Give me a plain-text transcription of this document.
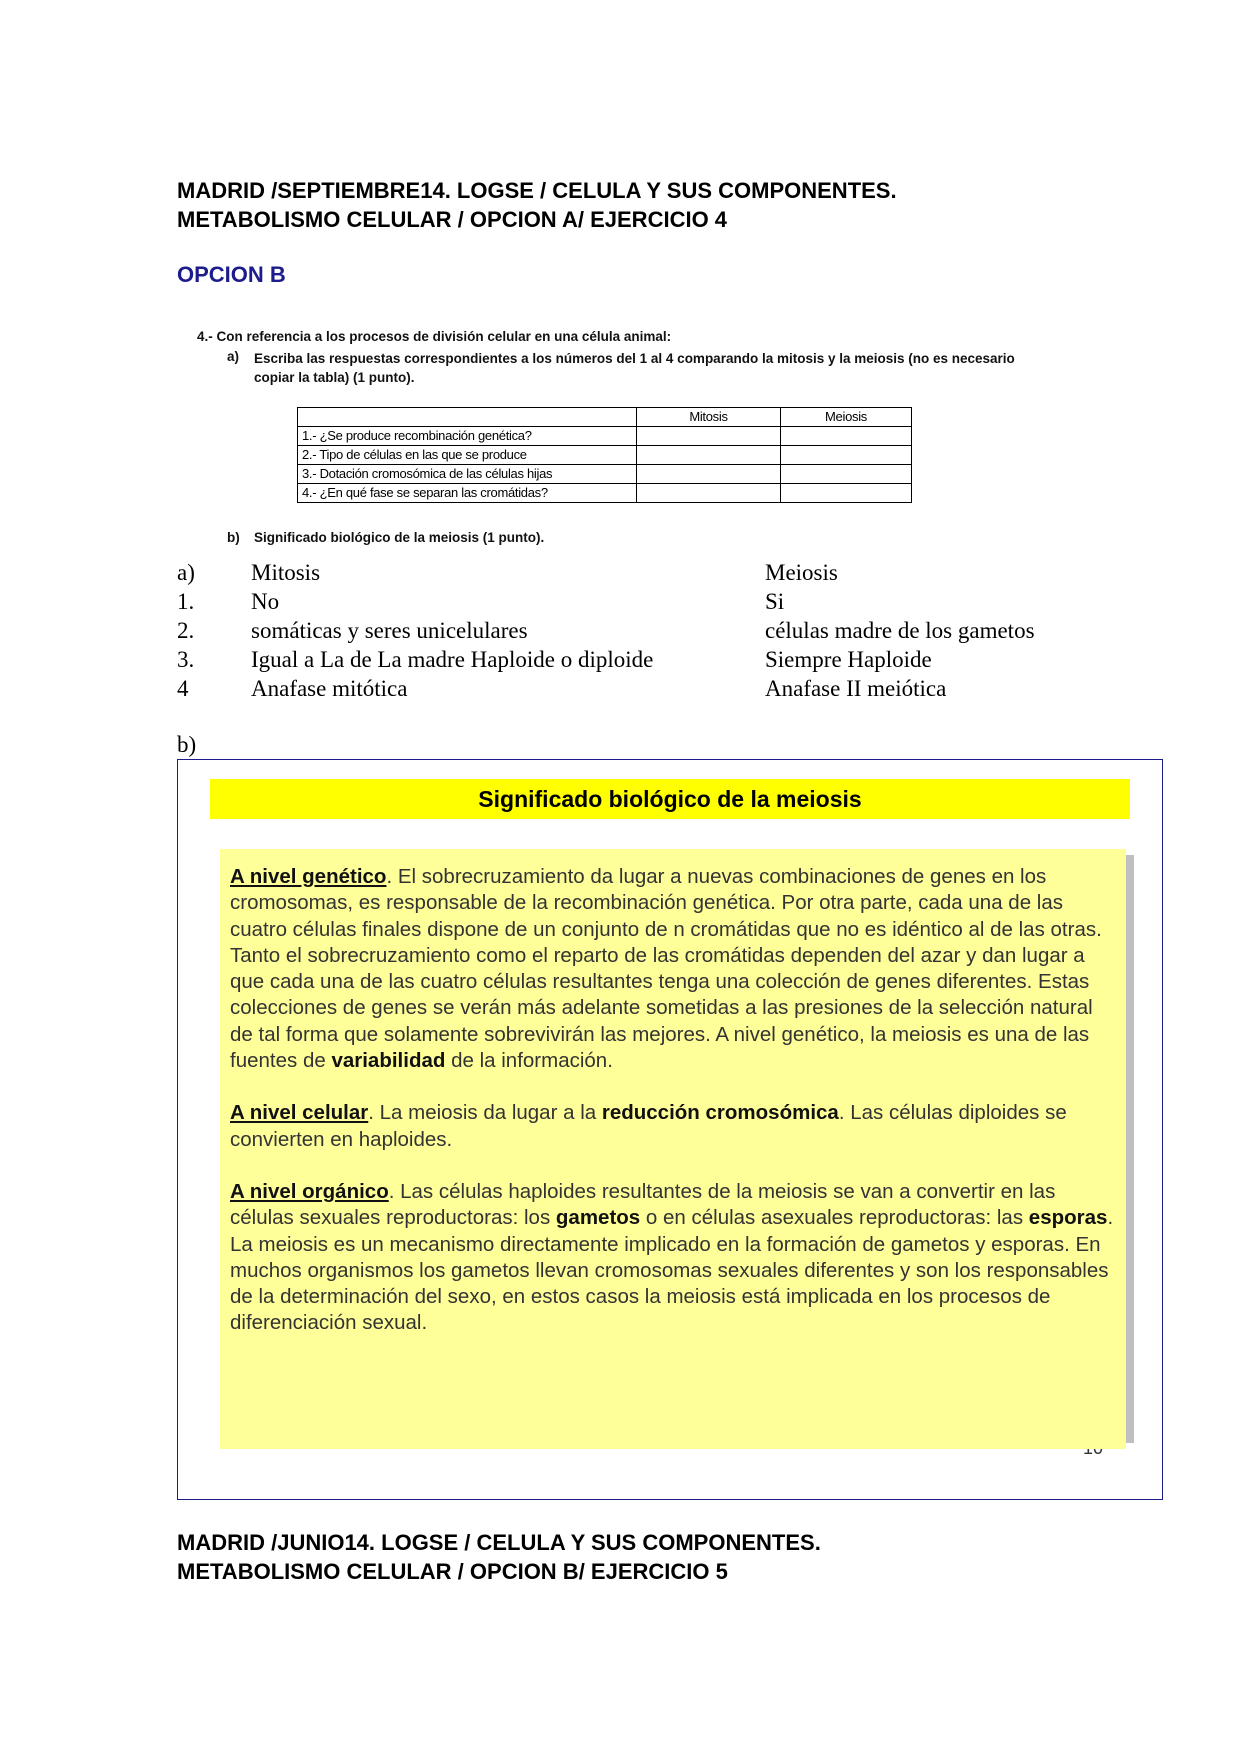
MADRID /SEPTIEMBRE14. LOGSE / CELULA Y SUS COMPONENTES.
METABOLISMO CELULAR / OPCION A/ EJERCICIO 4
OPCION B
4.- Con referencia a los procesos de división celular en una célula animal:
a) Escriba las respuestas correspondientes a los números del 1 al 4 comparando la mitosis y la meiosis (no es necesario
copiar la tabla) (1 punto).
	Mitosis	Meiosis
1.- ¿Se produce recombinación genética?		
2.- Tipo de células en las que se produce		
3.- Dotación cromosómica de las células hijas		
4.- ¿En qué fase se separan las cromátidas?		
b) Significado biológico de la meiosis (1 punto).
a) Mitosis	Meiosis
1. No	Si
2. somáticas y seres unicelulares	células madre de los gametos
3. Igual a La de La madre Haploide o diploide	Siempre Haploide
4	Anafase mitótica	Anafase II meiótica
b)
Significado biológico de la meiosis

A nivel genético. El sobrecruzamiento da lugar a nuevas combinaciones de genes en los cromosomas, es responsable de la recombinación genética. Por otra parte, cada una de las cuatro células finales dispone de un conjunto de n cromátidas que no es idéntico al de las otras. Tanto el sobrecruzamiento como el reparto de las cromátidas dependen del azar y dan lugar a que cada una de las cuatro células resultantes tenga una colección de genes diferentes. Estas colecciones de genes se verán más adelante sometidas a las presiones de la selección natural de tal forma que solamente sobrevivirán las mejores. A nivel genético, la meiosis es una de las fuentes de variabilidad de la información.

A nivel celular. La meiosis da lugar a la reducción cromosómica. Las células diploides se convierten en haploides.

A nivel orgánico. Las células haploides resultantes de la meiosis se van a convertir en las células sexuales reproductoras: los gametos o en células asexuales reproductoras: las esporas. La meiosis es un mecanismo directamente implicado en la formación de gametos y esporas. En muchos organismos los gametos llevan cromosomas sexuales diferentes y son los responsables de la determinación del sexo, en estos casos la meiosis está implicada en los procesos de diferenciación sexual.

MADRID /JUNIO14. LOGSE / CELULA Y SUS COMPONENTES.
METABOLISMO CELULAR / OPCION B/ EJERCICIO 5
